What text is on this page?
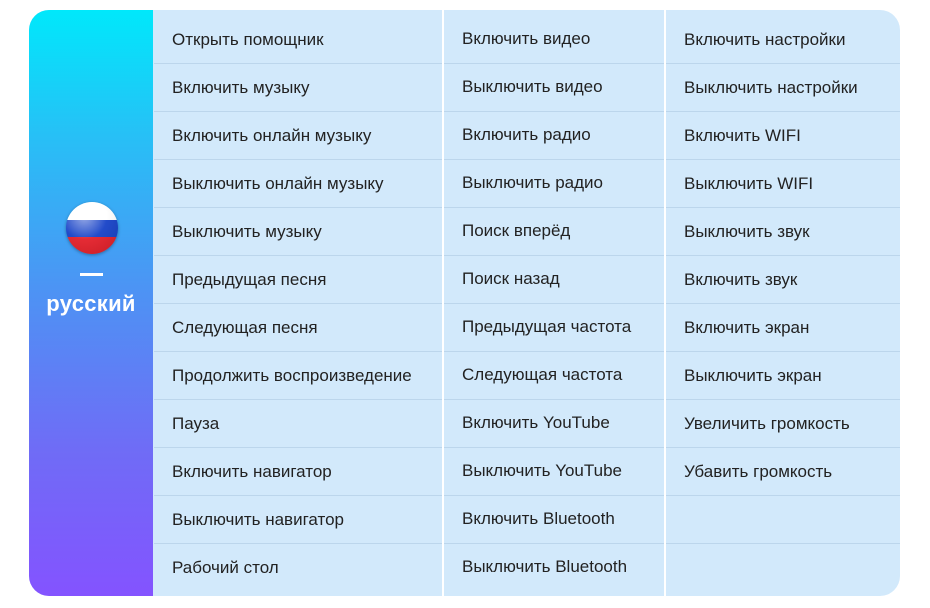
русский
Открыть помощник
Включить музыку
Включить онлайн музыку
Выключить онлайн музыку
Выключить музыку
Предыдущая песня
Следующая песня
Продолжить воспроизведение
Пауза
Включить навигатор
Выключить навигатор
Рабочий стол
Включить видео
Выключить видео
Включить радио
Выключить радио
Поиск вперёд
Поиск назад
Предыдущая частота
Следующая частота
Включить YouTube
Выключить YouTube
Включить Bluetooth
Выключить Bluetooth
Включить настройки
Выключить настройки
Включить WIFI
Выключить WIFI
Выключить звук
Включить звук
Включить экран
Выключить экран
Увеличить громкость
Убавить громкость
